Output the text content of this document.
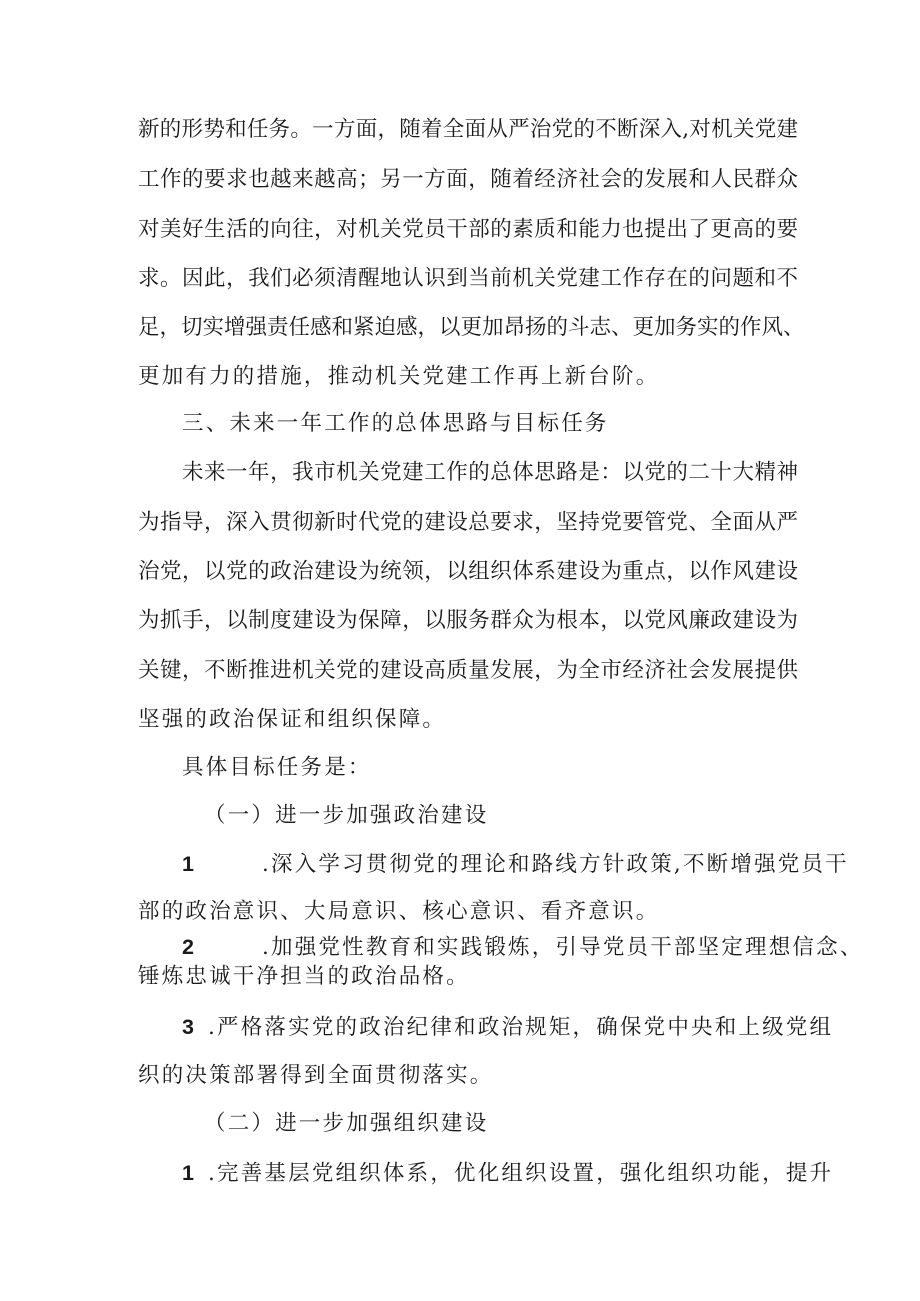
新的形势和任务。一方面，随着全面从严治党的不断深入,对机关党建
工作的要求也越来越高；另一方面，随着经济社会的发展和人民群众
对美好生活的向往，对机关党员干部的素质和能力也提出了更高的要
求。因此，我们必须清醒地认识到当前机关党建工作存在的问题和不
足，切实增强责任感和紧迫感，以更加昂扬的斗志、更加务实的作风、
更加有力的措施，推动机关党建工作再上新台阶。
三、未来一年工作的总体思路与目标任务
未来一年，我市机关党建工作的总体思路是：以党的二十大精神
为指导，深入贯彻新时代党的建设总要求，坚持党要管党、全面从严
治党，以党的政治建设为统领，以组织体系建设为重点，以作风建设
为抓手，以制度建设为保障，以服务群众为根本，以党风廉政建设为
关键，不断推进机关党的建设高质量发展，为全市经济社会发展提供
坚强的政治保证和组织保障。
具体目标任务是：
（一）进一步加强政治建设
1	.深入学习贯彻党的理论和路线方针政策,不断增强党员干
部的政治意识、大局意识、核心意识、看齐意识。
2	.加强党性教育和实践锻炼，引导党员干部坚定理想信念、
锤炼忠诚干净担当的政治品格。
3 .严格落实党的政治纪律和政治规矩，确保党中央和上级党组
织的决策部署得到全面贯彻落实。
（二）进一步加强组织建设
1 .完善基层党组织体系，优化组织设置，强化组织功能，提升
